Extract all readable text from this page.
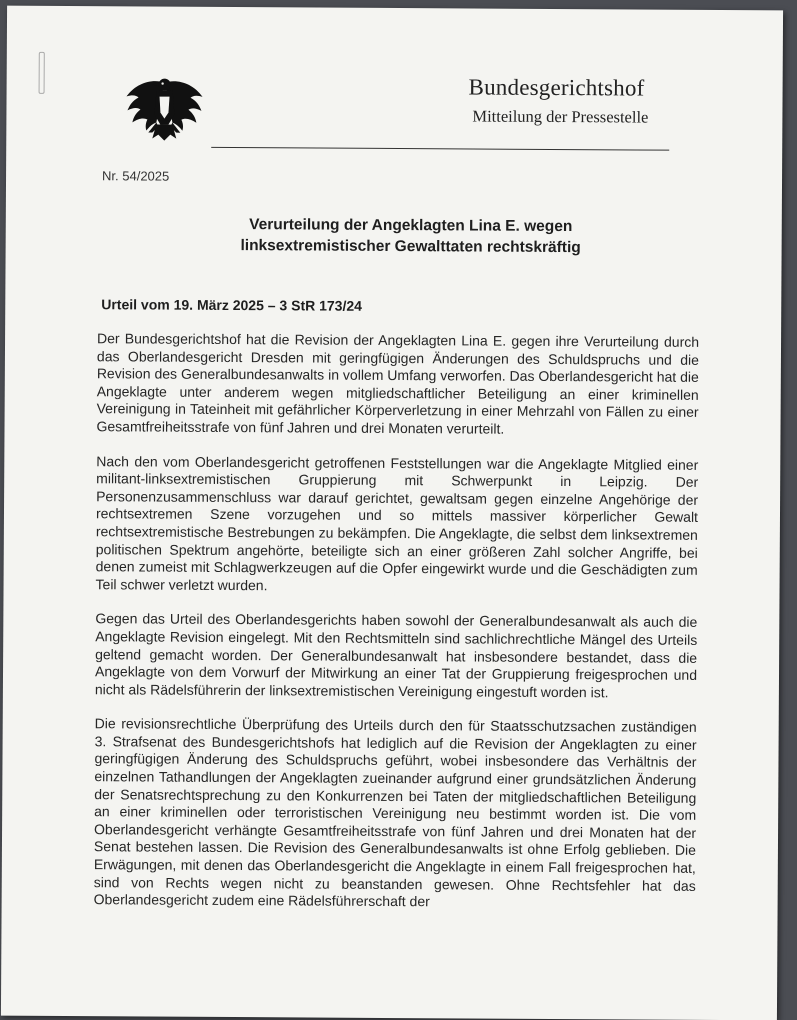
Bundesgerichtshof
Mitteilung der Pressestelle
Nr. 54/2025
Verurteilung der Angeklagten Lina E. wegen
linksextremistischer Gewalttaten rechtskräftig
Urteil vom 19. März 2025 – 3 StR 173/24

Der Bundesgerichtshof hat die Revision der Angeklagten Lina E. gegen ihre Verurteilung durch das Oberlandesgericht Dresden mit geringfügigen Änderungen des Schuldspruchs und die Revision des Generalbundesanwalts in vollem Umfang verworfen. Das Oberlandesgericht hat die Angeklagte unter anderem wegen mitgliedschaftlicher Beteiligung an einer kriminellen Vereinigung in Tateinheit mit gefährlicher Körperverletzung in einer Mehrzahl von Fällen zu einer Gesamtfreiheitsstrafe von fünf Jahren und drei Monaten verurteilt.

Nach den vom Oberlandesgericht getroffenen Feststellungen war die Angeklagte Mitglied einer militant-linksextremistischen Gruppierung mit Schwerpunkt in Leipzig. Der Personenzusammenschluss war darauf gerichtet, gewaltsam gegen einzelne Angehörige der rechtsextremen Szene vorzugehen und so mittels massiver körperlicher Gewalt rechtsextremistische Bestrebungen zu bekämpfen. Die Angeklagte, die selbst dem linksextremen politischen Spektrum angehörte, beteiligte sich an einer größeren Zahl solcher Angriffe, bei denen zumeist mit Schlagwerkzeugen auf die Opfer eingewirkt wurde und die Geschädigten zum Teil schwer verletzt wurden.

Gegen das Urteil des Oberlandesgerichts haben sowohl der Generalbundesanwalt als auch die Angeklagte Revision eingelegt. Mit den Rechtsmitteln sind sachlichrechtliche Mängel des Urteils geltend gemacht worden. Der Generalbundesanwalt hat insbesondere bestandet, dass die Angeklagte von dem Vorwurf der Mitwirkung an einer Tat der Gruppierung freigesprochen und nicht als Rädelsführerin der linksextremistischen Vereinigung eingestuft worden ist.

Die revisionsrechtliche Überprüfung des Urteils durch den für Staatsschutzsachen zuständigen 3. Strafsenat des Bundesgerichtshofs hat lediglich auf die Revision der Angeklagten zu einer geringfügigen Änderung des Schuldspruchs geführt, wobei insbesondere das Verhältnis der einzelnen Tathandlungen der Angeklagten zueinander aufgrund einer grundsätzlichen Änderung der Senatsrechtsprechung zu den Konkurrenzen bei Taten der mitgliedschaftlichen Beteiligung an einer kriminellen oder terroristischen Vereinigung neu bestimmt worden ist. Die vom Oberlandesgericht verhängte Gesamtfreiheitsstrafe von fünf Jahren und drei Monaten hat der Senat bestehen lassen. Die Revision des Generalbundesanwalts ist ohne Erfolg geblieben. Die Erwägungen, mit denen das Oberlandesgericht die Angeklagte in einem Fall freigesprochen hat, sind von Rechts wegen nicht zu beanstanden gewesen. Ohne Rechtsfehler hat das Oberlandesgericht zudem eine Rädelsführerschaft der
